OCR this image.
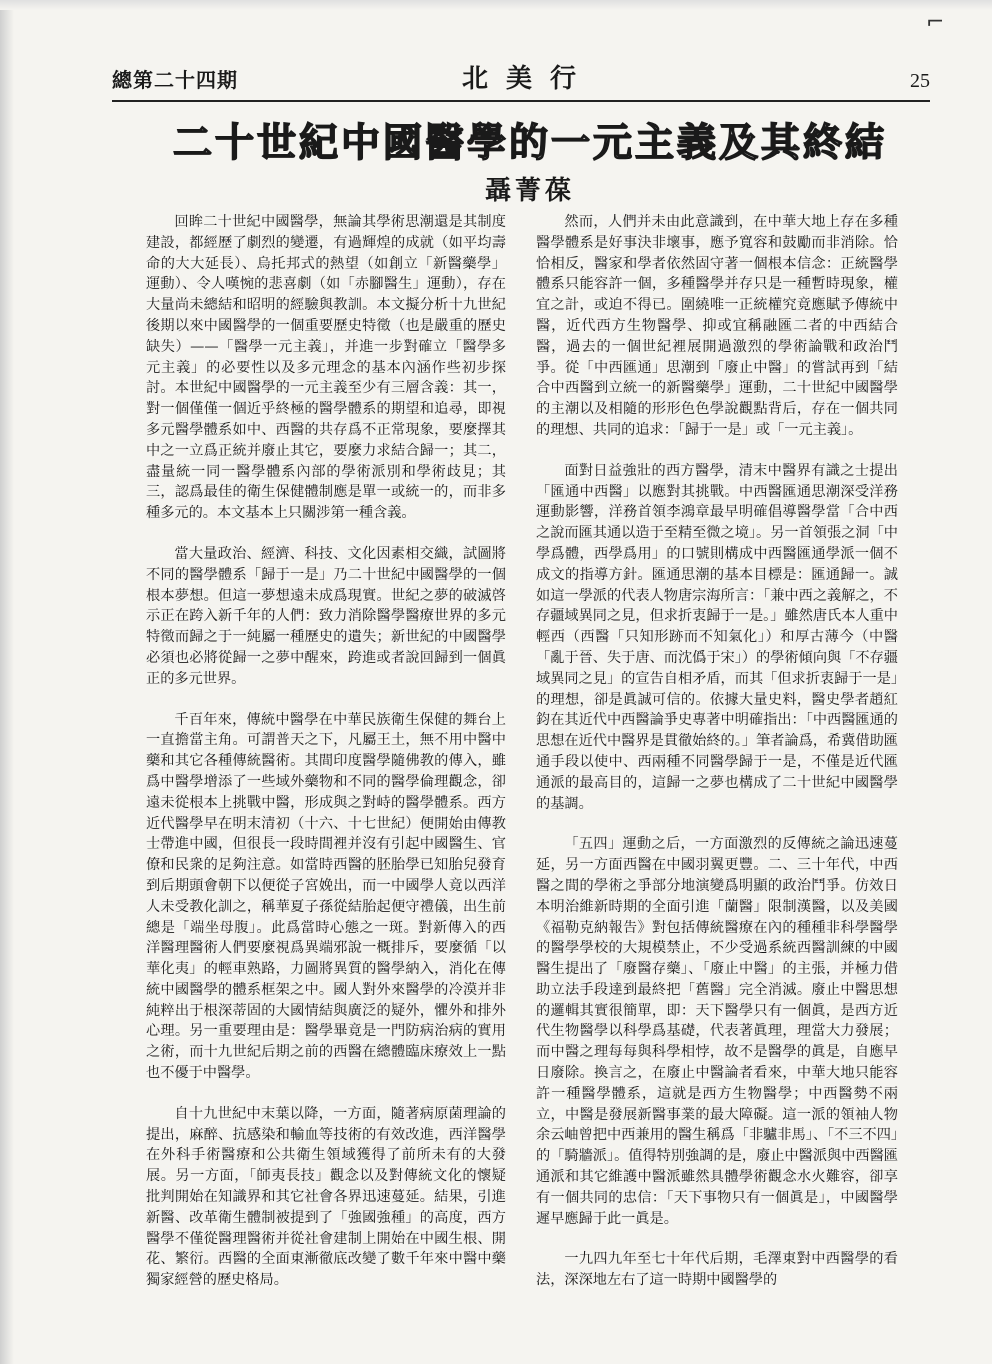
⌐
總第二十四期	北美行	25
二十世紀中國醫學的一元主義及其終結
聶菁葆

回眸二十世紀中國醫學，無論其學術思潮還是其制度建設，都經歷了劇烈的變遷，有過輝煌的成就（如平均壽命的大大延長）、烏托邦式的熱望（如創立「新醫藥學」運動）、令人嘆惋的悲喜劇（如「赤腳醫生」運動），存在大量尚未總結和昭明的經驗與教訓。本文擬分析十九世紀後期以來中國醫學的一個重要歷史特徵（也是嚴重的歷史缺失）——「醫學一元主義」，并進一步對確立「醫學多元主義」的必要性以及多元理念的基本內涵作些初步探討。本世紀中國醫學的一元主義至少有三層含義：其一，對一個僅僅一個近乎終極的醫學體系的期望和追尋，即視多元醫學體系如中、西醫的共存爲不正常現象，要麼擇其中之一立爲正統并廢止其它，要麼力求結合歸一；其二，盡量統一同一醫學體系內部的學術派別和學術歧見；其三，認爲最佳的衛生保健體制應是單一或統一的，而非多種多元的。本文基本上只關涉第一種含義。

當大量政治、經濟、科技、文化因素相交織，試圖將不同的醫學體系「歸于一是」乃二十世紀中國醫學的一個根本夢想。但這一夢想遠未成爲現實。世紀之夢的破滅啓示正在跨入新千年的人們：致力消除醫學醫療世界的多元特徵而歸之于一純屬一種歷史的遺失；新世紀的中國醫學必須也必將從歸一之夢中醒來，跨進或者說回歸到一個眞正的多元世界。

千百年來，傳統中醫學在中華民族衛生保健的舞台上一直擔當主角。可謂普天之下，凡屬王土，無不用中醫中藥和其它各種傳統醫術。其間印度醫學隨佛教的傳入，雖爲中醫學增添了一些域外藥物和不同的醫學倫理觀念，卻遠未從根本上挑戰中醫，形成與之對峙的醫學體系。西方近代醫學早在明末清初（十六、十七世紀）便開始由傳教士帶進中國，但很長一段時間裡并沒有引起中國醫生、官僚和民衆的足夠注意。如當時西醫的胚胎學已知胎兒發育到后期頭會朝下以便從子宮娩出，而一中國學人竟以西洋人未受教化訓之，稱華夏子孫從結胎起便守禮儀，出生前總是「端坐母腹」。此爲當時心態之一斑。對新傳入的西洋醫理醫術人們要麼視爲異端邪說一概排斥，要麼循「以華化夷」的輕車熟路，力圖將異質的醫學納入，消化在傳統中國醫學的體系框架之中。國人對外來醫學的冷漠并非純粹出于根深蒂固的大國情結與廣泛的疑外，懼外和排外心理。另一重要理由是：醫學畢竟是一門防病治病的實用之術，而十九世紀后期之前的西醫在總體臨床療效上一點也不優于中醫學。

自十九世紀中末葉以降，一方面，隨著病原菌理論的提出，麻醉、抗感染和輸血等技術的有效改進，西洋醫學在外科手術醫療和公共衛生領域獲得了前所未有的大發展。另一方面，「師夷長技」觀念以及對傳統文化的懷疑批判開始在知識界和其它社會各界迅速蔓延。結果，引進新醫、改革衛生體制被提到了「強國強種」的高度，西方醫學不僅從醫理醫術并從社會建制上開始在中國生根、開花、繁衍。西醫的全面東漸徹底改變了數千年來中醫中藥獨家經營的歷史格局。

然而，人們并未由此意識到，在中華大地上存在多種醫學體系是好事決非壞事，應予寬容和鼓勵而非消除。恰恰相反，醫家和學者依然固守著一個根本信念：正統醫學體系只能容許一個，多種醫學并存只是一種暫時現象，權宜之計，或迫不得已。圍繞唯一正統權究竟應賦予傳統中醫，近代西方生物醫學、抑或宜稱融匯二者的中西結合醫，過去的一個世紀裡展開過激烈的學術論戰和政治鬥爭。從「中西匯通」思潮到「廢止中醫」的嘗試再到「結合中西醫到立統一的新醫藥學」運動，二十世紀中國醫學的主潮以及相隨的形形色色學說觀點背后，存在一個共同的理想、共同的追求：「歸于一是」或「一元主義」。

面對日益強壯的西方醫學，清末中醫界有識之士提出「匯通中西醫」以應對其挑戰。中西醫匯通思潮深受洋務運動影響，洋務首領李鴻章最早明確倡導醫學當「合中西之說而匯其通以造于至精至微之境」。另一首領張之洞「中學爲體，西學爲用」的口號則構成中西醫匯通學派一個不成文的指導方針。匯通思潮的基本目標是：匯通歸一。誠如這一學派的代表人物唐宗海所言：「兼中西之義解之，不存疆域異同之見，但求折衷歸于一是。」雖然唐氏本人重中輕西（西醫「只知形跡而不知氣化」）和厚古薄今（中醫「亂于晉、失于唐、而沈僞于宋」）的學術傾向與「不存疆域異同之見」的宣告自相矛盾，而其「但求折衷歸于一是」的理想，卻是眞誠可信的。依據大量史料，醫史學者趙紅鈞在其近代中西醫論爭史專著中明確指出：「中西醫匯通的思想在近代中醫界是貫徹始終的。」筆者論爲，希冀借助匯通手段以使中、西兩種不同醫學歸于一是，不僅是近代匯通派的最高目的，這歸一之夢也構成了二十世紀中國醫學的基調。

「五四」運動之后，一方面激烈的反傳統之論迅速蔓延，另一方面西醫在中國羽翼更豐。二、三十年代，中西醫之間的學術之爭部分地演變爲明顯的政治鬥爭。仿效日本明治維新時期的全面引進「蘭醫」限制漢醫，以及美國《福勒克納報告》對包括傳統醫療在內的種種非科學醫學的醫學學校的大規模禁止，不少受過系統西醫訓練的中國醫生提出了「廢醫存藥」、「廢止中醫」的主張，并極力借助立法手段達到最終把「舊醫」完全消滅。廢止中醫思想的邏輯其實很簡單，即：天下醫學只有一個眞，是西方近代生物醫學以科學爲基礎，代表著眞理，理當大力發展；而中醫之理每每與科學相悖，故不是醫學的眞是，自應早日廢除。換言之，在廢止中醫論者看來，中華大地只能容許一種醫學體系，這就是西方生物醫學；中西醫勢不兩立，中醫是發展新醫事業的最大障礙。這一派的領袖人物余云岫曾把中西兼用的醫生稱爲「非驢非馬」、「不三不四」的「騎牆派」。值得特別強調的是，廢止中醫派與中西醫匯通派和其它維護中醫派雖然具體學術觀念水火難容，卻享有一個共同的忠信：「天下事物只有一個眞是」，中國醫學遲早應歸于此一眞是。

一九四九年至七十年代后期，毛澤東對中西醫學的看法，深深地左右了這一時期中國醫學的
